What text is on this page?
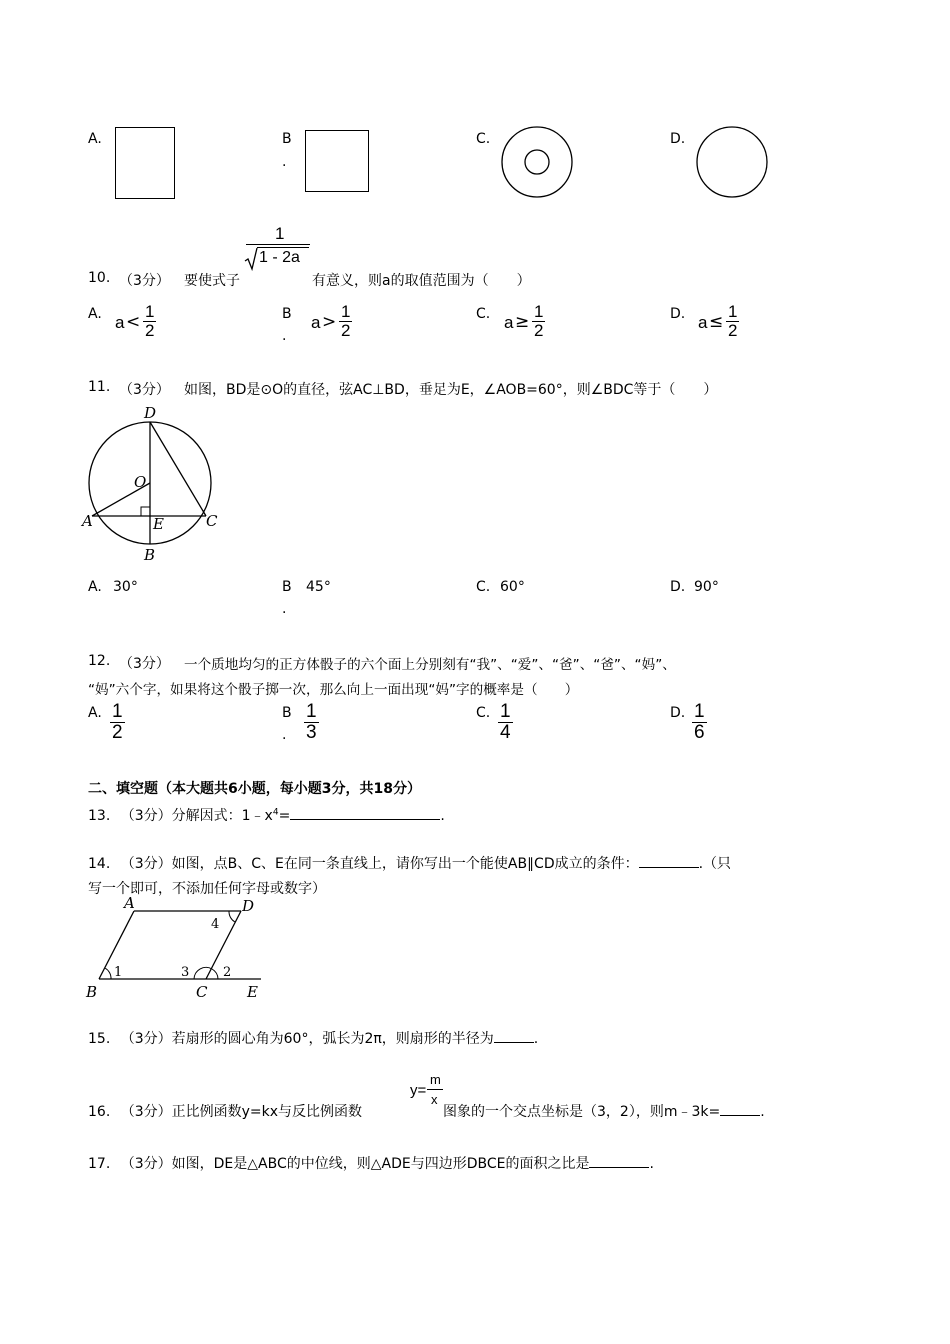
A.	B
.
C.	D.
1
1 - 2a
10. （3分） 要使式子	有意义，则a的取值范围为（　　）
A. a <
1
2
B
.
a >
1
2
C. a ≥
1
2
D. a ≤
1
2
11. （3分） 如图，BD是⊙O的直径，弦AC⊥BD，垂足为E，∠AOB=60°，则∠BDC等于（　　）
D
O
A	E	C
B
A. 30°	B
.
45°	C. 60°	D. 90°
12. （3分） 一个质地均匀的正方体骰子的六个面上分别刻有“我”、“爱”、“爸”、“爸”、“妈”、
“妈”六个字，如果将这个骰子掷一次，那么向上一面出现“妈”字的概率是（　　）
A. 1
2
B
.
1
3
C. 1
4
D. 1
6
二、填空题（本大题共6小题，每小题3分，共18分）
13. （3分）分解因式：$1﹣x^4=$	.
14. （3分）如图，点B、C、E在同一条直线上，请你写出一个能使AB∥CD成立的条件：	.（只
写一个即可，不添加任何字母或数字）
A	D
B	C	E
1	2
3
4
15. （3分）若扇形的圆心角为60°，弧长为2π，则扇形的半径为	.
y=
m
x
16. （3分）正比例函数y=kx与反比例函数	图象的一个交点坐标是（3，2），则m﹣3k=	.
17. （3分）如图，DE是△ABC的中位线，则△ADE与四边形DBCE的面积之比是	.
